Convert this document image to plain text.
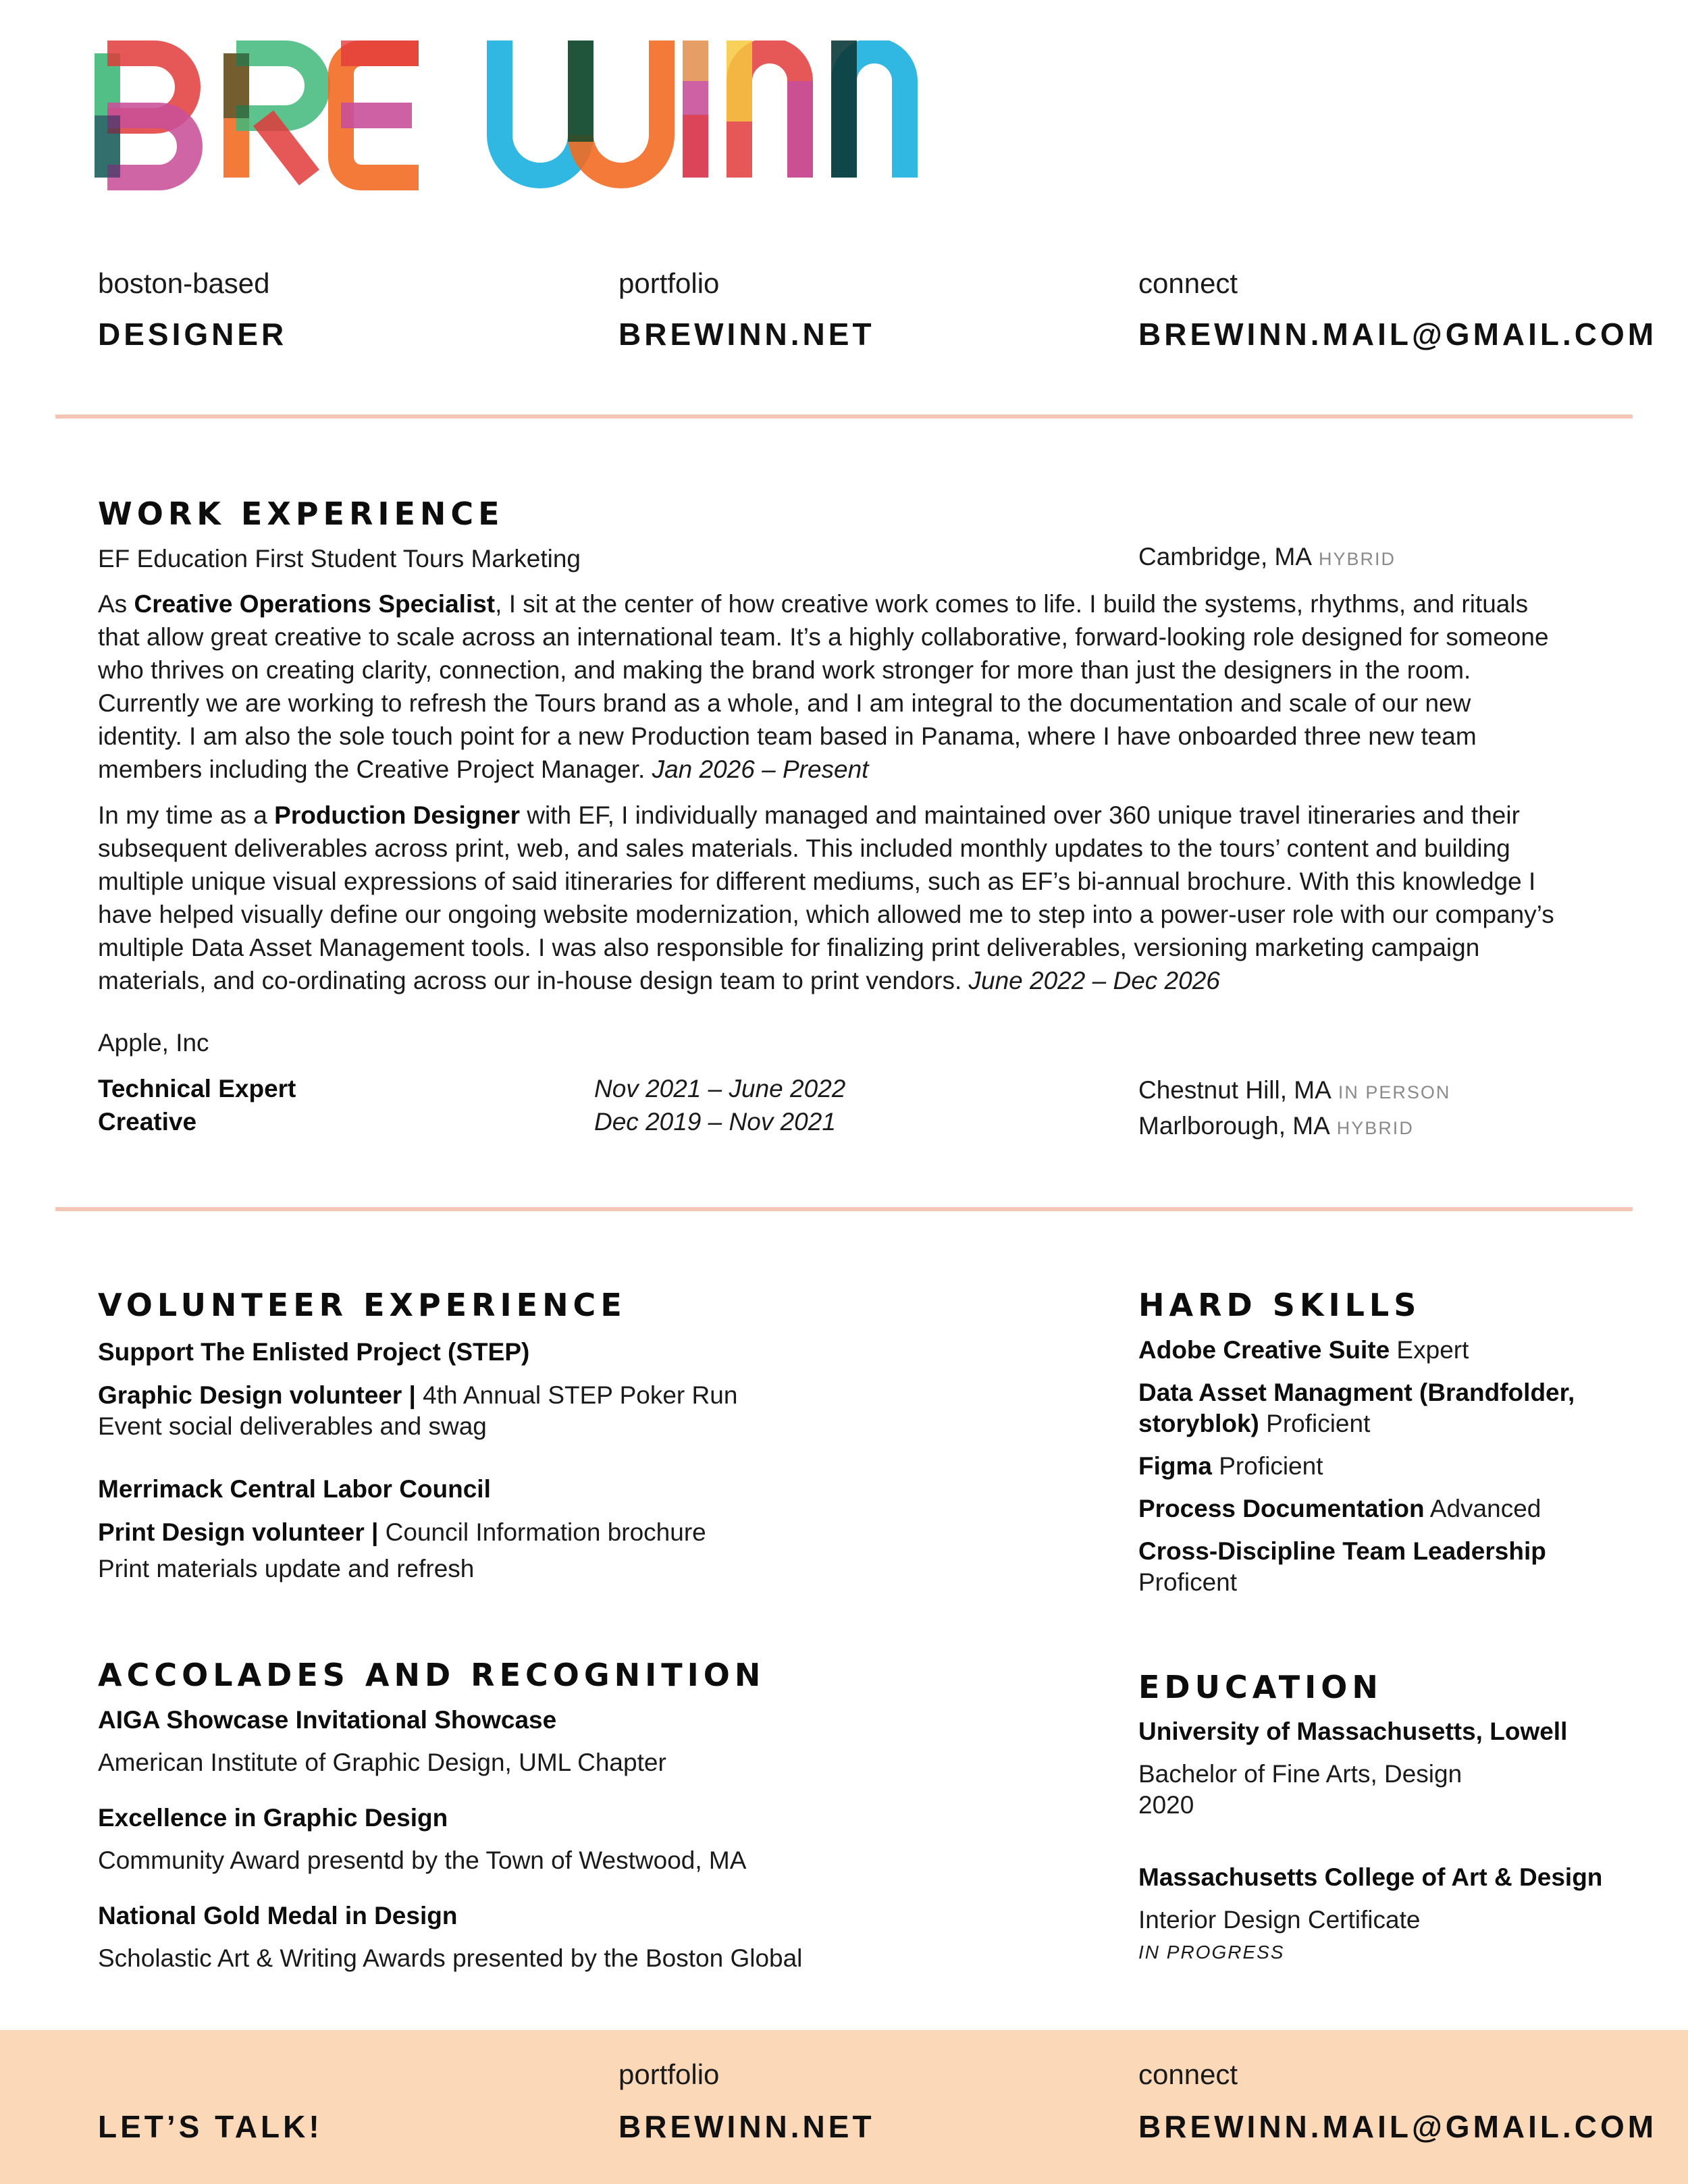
boston-based
DESIGNER
portfolio
BREWINN.NET
connect
BREWINN.MAIL@GMAIL.COM
WORK EXPERIENCE
EF Education First Student Tours Marketing	Cambridge, MA HYBRID
As Creative Operations Specialist, I sit at the center of how creative work comes to life. I build the systems, rhythms, and rituals that allow great creative to scale across an international team. It’s a highly collaborative, forward-looking role designed for someone who thrives on creating clarity, connection, and making the brand work stronger for more than just the designers in the room. Currently we are working to refresh the Tours brand as a whole, and I am integral to the documentation and scale of our new identity. I am also the sole touch point for a new Production team based in Panama, where I have onboarded three new team members including the Creative Project Manager. Jan 2026 – Present
In my time as a Production Designer with EF, I individually managed and maintained over 360 unique travel itineraries and their subsequent deliverables across print, web, and sales materials. This included monthly updates to the tours’ content and building multiple unique visual expressions of said itineraries for different mediums, such as EF’s bi-annual brochure. With this knowledge I have helped visually define our ongoing website modernization, which allowed me to step into a power-user role with our company’s multiple Data Asset Management tools. I was also responsible for finalizing print deliverables, versioning marketing campaign materials, and co-ordinating across our in-house design team to print vendors. June 2022 – Dec 2026
Apple, Inc
Technical Expert
Creative
Nov 2021 – June 2022
Dec 2019 – Nov 2021
Chestnut Hill, MA IN PERSON
Marlborough, MA HYBRID
VOLUNTEER EXPERIENCE
Support The Enlisted Project (STEP)
Graphic Design volunteer | 4th Annual STEP Poker Run
Event social deliverables and swag
Merrimack Central Labor Council
Print Design volunteer | Council Information brochure
Print materials update and refresh
ACCOLADES AND RECOGNITION
AIGA Showcase Invitational Showcase
American Institute of Graphic Design, UML Chapter
Excellence in Graphic Design
Community Award presentd by the Town of Westwood, MA
National Gold Medal in Design
Scholastic Art & Writing Awards presented by the Boston Global
HARD SKILLS
Adobe Creative Suite Expert
Data Asset Managment (Brandfolder,
storyblok) Proficient
Figma Proficient
Process Documentation Advanced
Cross-Discipline Team Leadership
Proficent
EDUCATION
University of Massachusetts, Lowell
Bachelor of Fine Arts, Design
2020
Massachusetts College of Art & Design
Interior Design Certificate
IN PROGRESS
LET’S TALK!
portfolio
BREWINN.NET
connect
BREWINN.MAIL@GMAIL.COM
